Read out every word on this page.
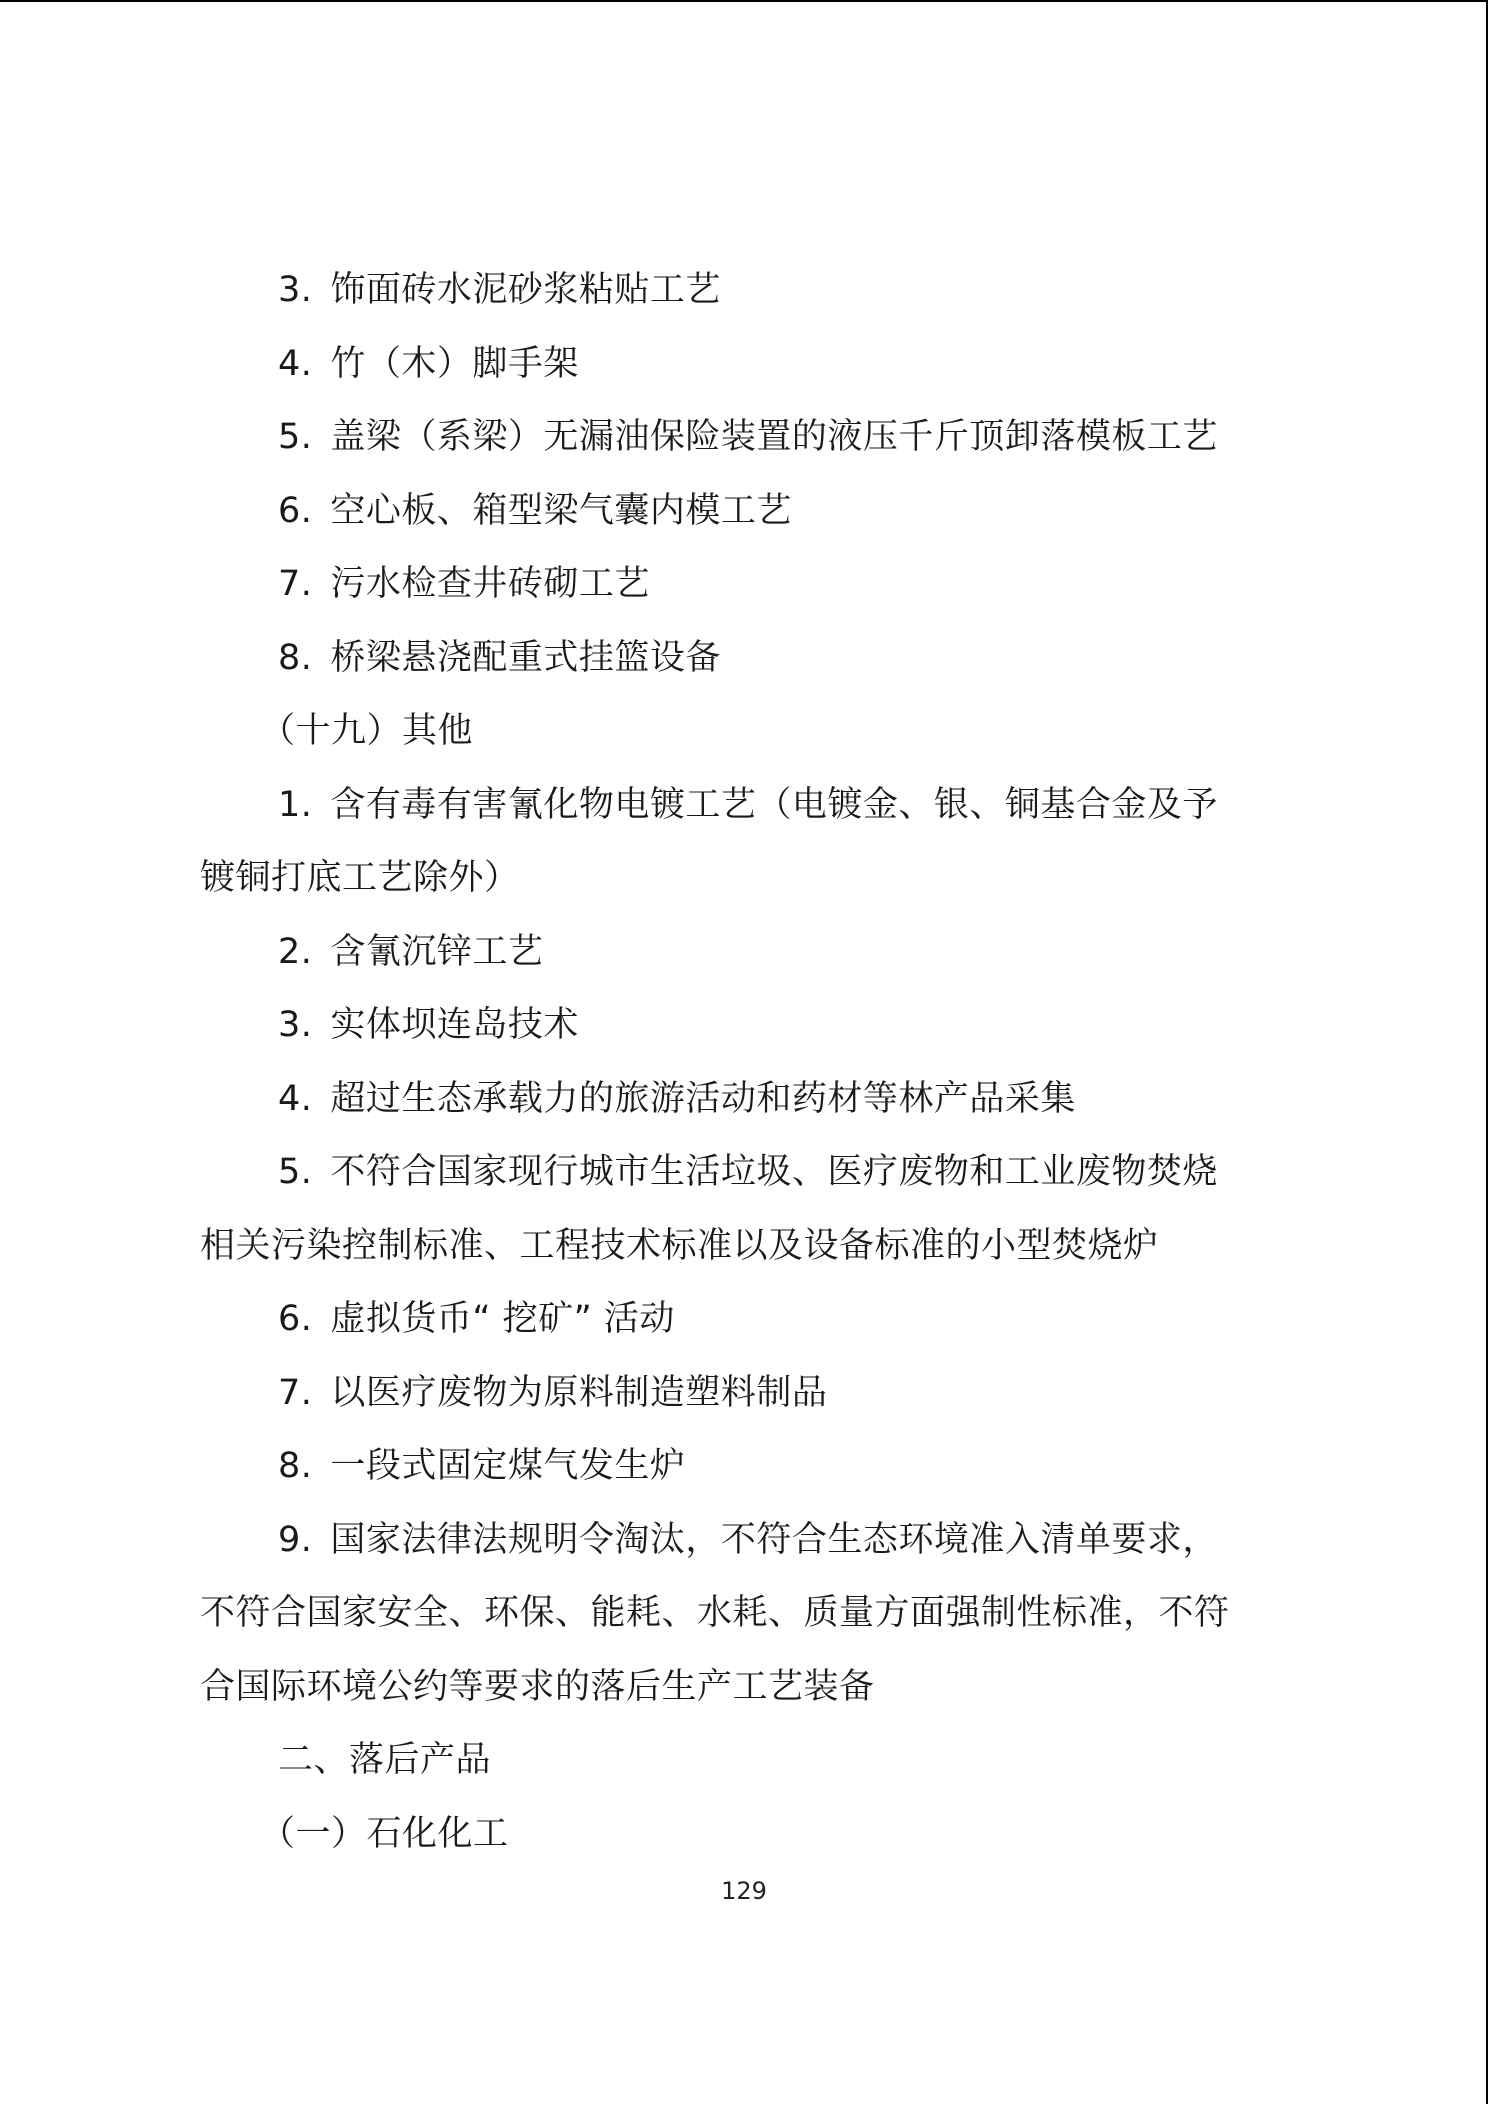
3. 饰面砖水泥砂浆粘贴工艺
4. 竹（木）脚手架
5. 盖梁（系梁）无漏油保险装置的液压千斤顶卸落模板工艺
6. 空心板、箱型梁气囊内模工艺
7. 污水检查井砖砌工艺
8. 桥梁悬浇配重式挂篮设备
（十九）其他
1. 含有毒有害氰化物电镀工艺（电镀金、银、铜基合金及予
镀铜打底工艺除外）
2. 含氰沉锌工艺
3. 实体坝连岛技术
4. 超过生态承载力的旅游活动和药材等林产品采集
5. 不符合国家现行城市生活垃圾、医疗废物和工业废物焚烧
相关污染控制标准、工程技术标准以及设备标准的小型焚烧炉
6. 虚拟货币“ 挖矿” 活动
7. 以医疗废物为原料制造塑料制品
8. 一段式固定煤气发生炉
9. 国家法律法规明令淘汰，不符合生态环境准入清单要求，
不符合国家安全、环保、能耗、水耗、质量方面强制性标准，不符
合国际环境公约等要求的落后生产工艺装备
二、落后产品
（一）石化化工
129
